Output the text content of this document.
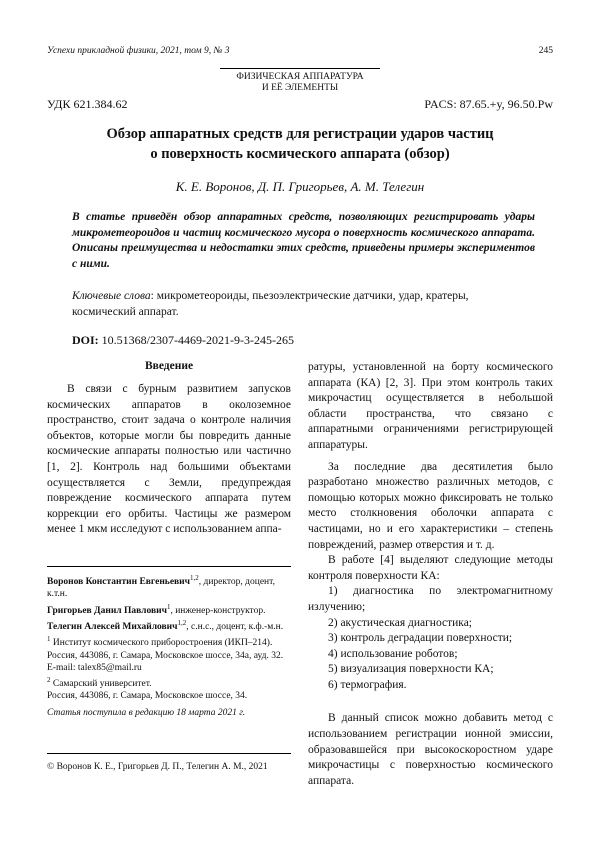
Успехи прикладной физики, 2021, том 9, № 3	245
ФИЗИЧЕСКАЯ АППАРАТУРА
И ЕЁ ЭЛЕМЕНТЫ
УДК 621.384.62	PACS: 87.65.+y, 96.50.Pw
Обзор аппаратных средств для регистрации ударов частиц
о поверхность космического аппарата (обзор)
К. Е. Воронов, Д. П. Григорьев, А. М. Телегин
В статье приведён обзор аппаратных средств, позволяющих регистрировать удары микрометеороидов и частиц космического мусора о поверхность космического аппарата. Описаны преимущества и недостатки этих средств, приведены примеры экспериментов с ними.
Ключевые слова: микрометеороиды, пьезоэлектрические датчики, удар, кратеры, космический аппарат.
DOI: 10.51368/2307-4469-2021-9-3-245-265
Введение

В связи с бурным развитием запусков космических аппаратов в околоземное пространство, стоит задача о контроле наличия объектов, которые могли бы повредить данные космические аппараты полностью или частично [1, 2]. Контроль над большими объектами осуществляется с Земли, предупреждая повреждение космического аппарата путем коррекции его орбиты. Частицы же размером менее 1 мкм исследуют с использованием аппа-

Воронов Константин Евгеньевич$^{1,2}$, директор, доцент, к.т.н.
Григорьев Данил Павлович$^1$, инженер-конструктор.
Телегин Алексей Михайлович$^{1,2}$, с.н.с., доцент, к.ф.-м.н.
$^1$ Институт космического приборостроения (ИКП–214).
Россия, 443086, г. Самара, Московское шоссе, 34а, ауд. 32.
E-mail: talex85@mail.ru
$^2$ Самарский университет.
Россия, 443086, г. Самара, Московское шоссе, 34.
Статья поступила в редакцию 18 марта 2021 г.
© Воронов К. Е., Григорьев Д. П., Телегин А. М., 2021

ратуры, установленной на борту космического аппарата (КА) [2, 3]. При этом контроль таких микрочастиц осуществляется в небольшой области пространства, что связано с аппаратными ограничениями регистрирующей аппаратуры.

За последние два десятилетия было разработано множество различных методов, с помощью которых можно фиксировать не только место столкновения оболочки аппарата с частицами, но и его характеристики – степень повреждений, размер отверстия и т. д.

В работе [4] выделяют следующие методы контроля поверхности КА:

1) диагностика по электромагнитному излучению;
2) акустическая диагностика;
3) контроль деградации поверхности;
4) использование роботов;
5) визуализация поверхности КА;
6) термография.

В данный список можно добавить метод с использованием регистрации ионной эмиссии, образовавшейся при высокоскоростном ударе микрочастицы с поверхностью космического аппарата.
